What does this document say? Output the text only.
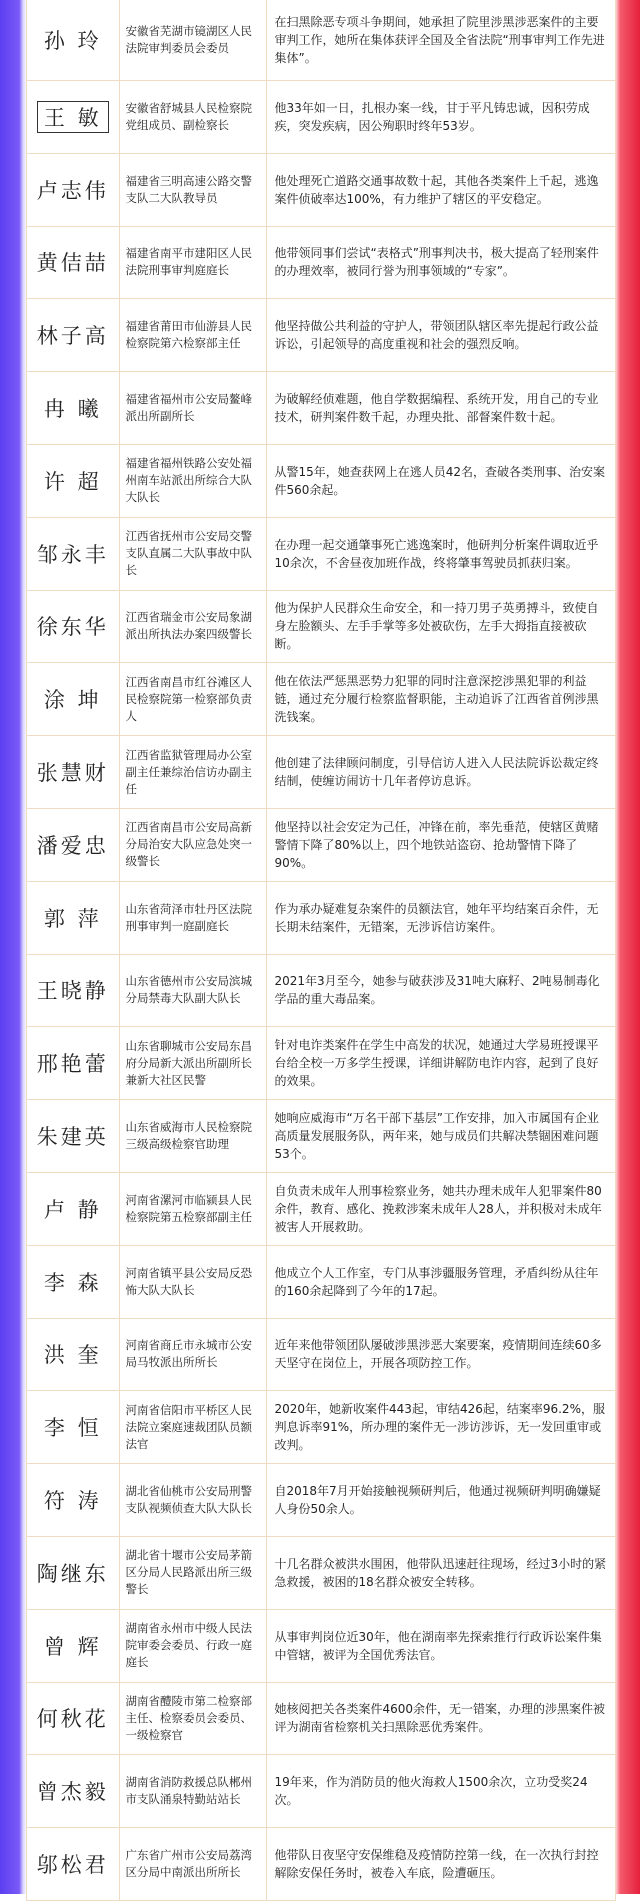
孙 玲	安徽省芜湖市镜湖区人民法院审判委员会委员	在扫黑除恶专项斗争期间，她承担了院里涉黑涉恶案件的主要审判工作，她所在集体获评全国及全省法院“刑事审判工作先进集体”。
王 敏	安徽省舒城县人民检察院党组成员、副检察长	他33年如一日，扎根办案一线，甘于平凡铸忠诚，因积劳成疾，突发疾病，因公殉职时终年53岁。
卢志伟	福建省三明高速公路交警支队二大队教导员	他处理死亡道路交通事故数十起，其他各类案件上千起，逃逸案件侦破率达100%，有力维护了辖区的平安稳定。
黄佶喆	福建省南平市建阳区人民法院刑事审判庭庭长	他带领同事们尝试“表格式”刑事判决书，极大提高了轻刑案件的办理效率，被同行誉为刑事领域的“专家”。
林子高	福建省莆田市仙游县人民检察院第六检察部主任	他坚持做公共利益的守护人，带领团队辖区率先提起行政公益诉讼，引起领导的高度重视和社会的强烈反响。
冉 曦	福建省福州市公安局鳌峰派出所副所长	为破解经侦难题，他自学数据编程、系统开发，用自己的专业技术，研判案件数千起，办理央批、部督案件数十起。
许 超	福建省福州铁路公安处福州南车站派出所综合大队大队长	从警15年，她查获网上在逃人员42名，查破各类刑事、治安案件560余起。
邹永丰	江西省抚州市公安局交警支队直属二大队事故中队长	在办理一起交通肇事死亡逃逸案时，他研判分析案件调取近乎10余次，不舍昼夜加班作战，终将肇事驾驶员抓获归案。
徐东华	江西省瑞金市公安局象湖派出所执法办案四级警长	他为保护人民群众生命安全，和一持刀男子英勇搏斗，致使自身左脸额头、左手手掌等多处被砍伤，左手大拇指直接被砍断。
涂 坤	江西省南昌市红谷滩区人民检察院第一检察部负责人	他在依法严惩黑恶势力犯罪的同时注意深挖涉黑犯罪的利益链，通过充分履行检察监督职能，主动追诉了江西省首例涉黑洗钱案。
张慧财	江西省监狱管理局办公室副主任兼综治信访办副主任	他创建了法律顾问制度，引导信访人进入人民法院诉讼裁定终结制，使缠访闹访十几年者停访息诉。
潘爱忠	江西省南昌市公安局高新分局治安大队应急处突一级警长	他坚持以社会安定为己任，冲锋在前，率先垂范，使辖区黄赌警情下降了80%以上，四个地铁站盗窃、抢劫警情下降了90%。
郭 萍	山东省菏泽市牡丹区法院刑事审判一庭副庭长	作为承办疑难复杂案件的员额法官，她年平均结案百余件，无长期未结案件，无错案，无涉诉信访案件。
王晓静	山东省德州市公安局滨城分局禁毒大队副大队长	2021年3月至今，她参与破获涉及31吨大麻籽、2吨易制毒化学品的重大毒品案。
邢艳蕾	山东省聊城市公安局东昌府分局新大派出所副所长兼新大社区民警	针对电诈类案件在学生中高发的状况，她通过大学易班授课平台给全校一万多学生授课，详细讲解防电诈内容，起到了良好的效果。
朱建英	山东省威海市人民检察院三级高级检察官助理	她响应威海市“万名干部下基层”工作安排，加入市属国有企业高质量发展服务队，两年来，她与成员们共解决禁锢困难问题53个。
卢 静	河南省漯河市临颍县人民检察院第五检察部副主任	自负责未成年人刑事检察业务，她共办理未成年人犯罪案件80余件，教育、感化、挽救涉案未成年人28人，并积极对未成年被害人开展救助。
李 森	河南省镇平县公安局反恐怖大队大队长	他成立个人工作室，专门从事涉疆服务管理，矛盾纠纷从往年的160余起降到了今年的17起。
洪 奎	河南省商丘市永城市公安局马牧派出所所长	近年来他带领团队屡破涉黑涉恶大案要案，疫情期间连续60多天坚守在岗位上，开展各项防控工作。
李 恒	河南省信阳市平桥区人民法院立案庭速裁团队员额法官	2020年，她新收案件443起，审结426起，结案率96.2%，服判息诉率91%，所办理的案件无一涉访涉诉，无一发回重审或改判。
符 涛	湖北省仙桃市公安局刑警支队视频侦查大队大队长	自2018年7月开始接触视频研判后，他通过视频研判明确嫌疑人身份50余人。
陶继东	湖北省十堰市公安局茅箭区分局人民路派出所三级警长	十几名群众被洪水围困，他带队迅速赶往现场，经过3小时的紧急救援，被困的18名群众被安全转移。
曾 辉	湖南省永州市中级人民法院审委会委员、行政一庭庭长	从事审判岗位近30年，他在湖南率先探索推行行政诉讼案件集中管辖，被评为全国优秀法官。
何秋花	湖南省醴陵市第二检察部主任、检察委员会委员、一级检察官	她核阅把关各类案件4600余件，无一错案，办理的涉黑案件被评为湖南省检察机关扫黑除恶优秀案件。
曾杰毅	湖南省消防救援总队郴州市支队涌泉特勤站站长	19年来，作为消防员的他火海救人1500余次，立功受奖24次。
邬松君	广东省广州市公安局荔湾区分局中南派出所所长	他带队日夜坚守安保维稳及疫情防控第一线，在一次执行封控解除安保任务时，被卷入车底，险遭砸压。
